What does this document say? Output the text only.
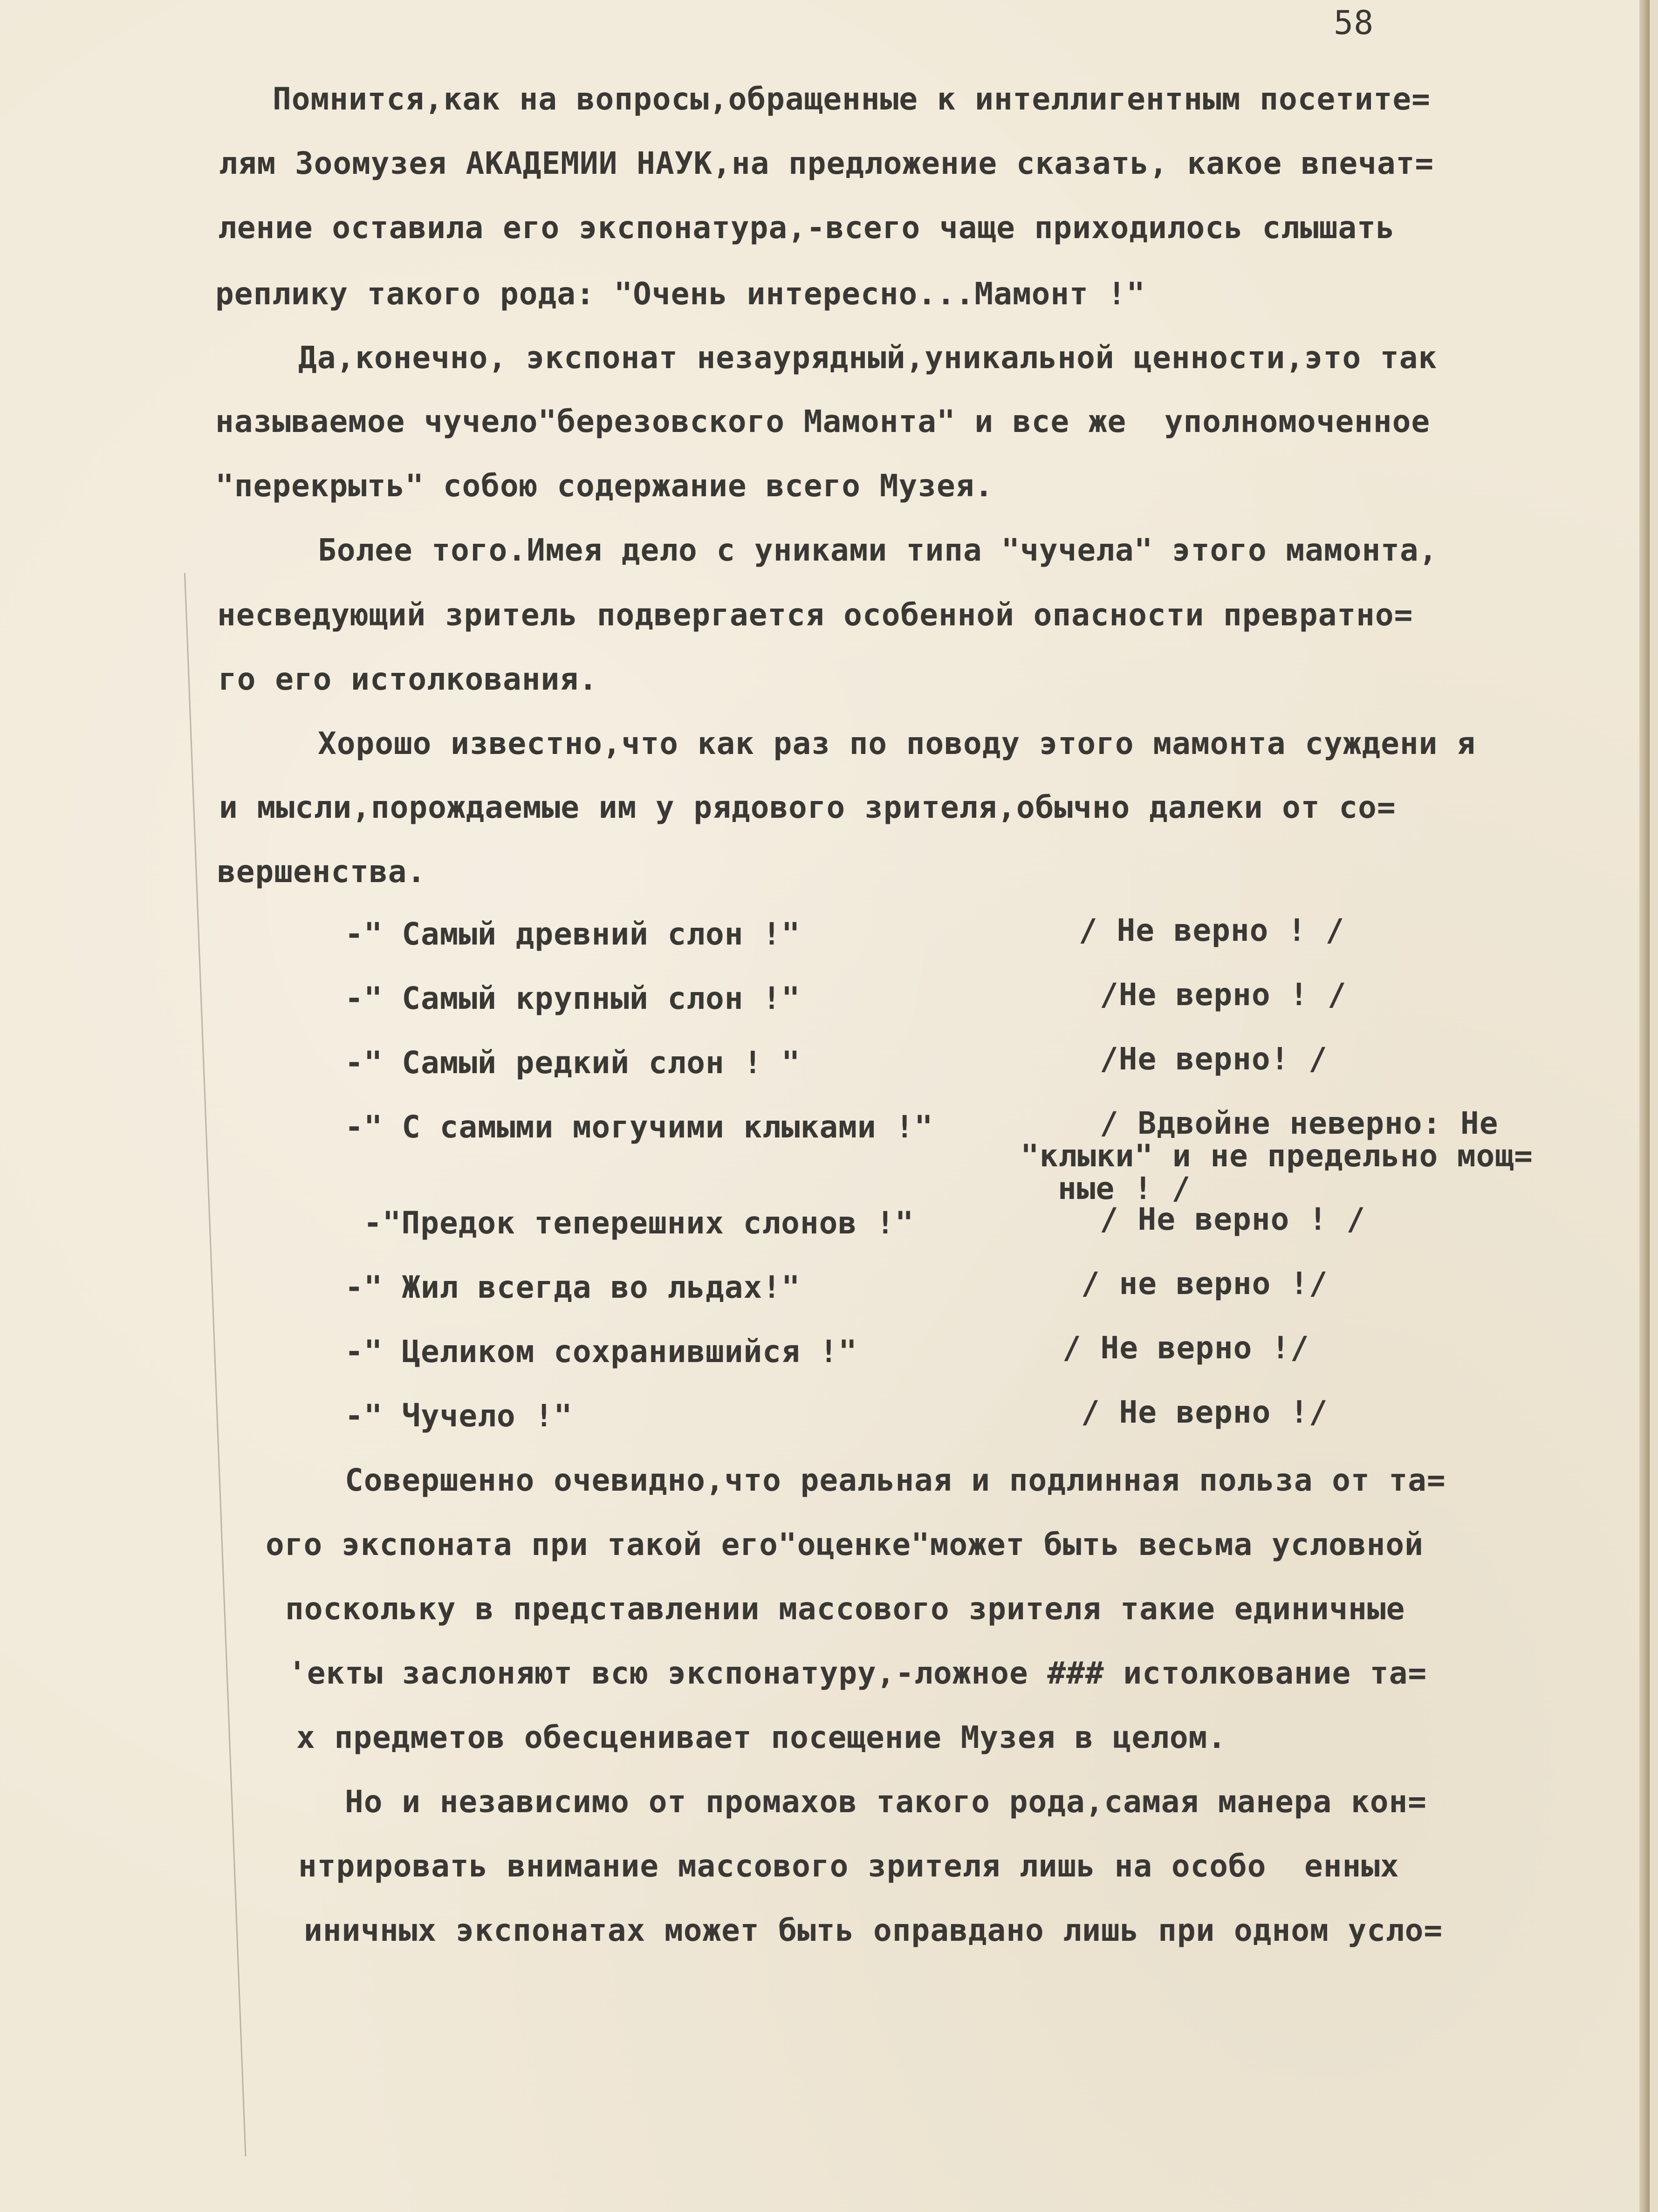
58
Помнится,как на вопросы,обращенные к интеллигентным посетите=
лям Зоомузея АКАДЕМИИ НАУК,на предложение сказать, какое впечат=
ление оставила его экспонатура,-всего чаще приходилось слышать
реплику такого рода: "Очень интересно...Мамонт !"
Да,конечно, экспонат незаурядный,уникальной ценности,это так
называемое чучело"березовского Мамонта" и все же  уполномоченное
"перекрыть" собою содержание всего Музея.
Более того.Имея дело с униками типа "чучела" этого мамонта,
несведующий зритель подвергается особенной опасности превратно=
го его истолкования.
Хорошо известно,что как раз по поводу этого мамонта суждени я
и мысли,порождаемые им у рядового зрителя,обычно далеки от со=
вершенства.
-" Самый древний слон !"	/ Не верно ! /
-" Самый крупный слон !"	/Не верно ! /
-" Самый редкий слон ! "	/Не верно! /
-" С самыми могучими клыками !"	/ Вдвойне неверно: Не
"клыки" и не предельно мощ=
ные ! /
-"Предок теперешних слонов !"	/ Не верно ! /
-" Жил всегда во льдах!"	/ не верно !/
-" Целиком сохранившийся !"	/ Не верно !/
-" Чучело !"	/ Не верно !/
Совершенно очевидно,что реальная и подлинная польза от та=
ого экспоната при такой его"оценке"может быть весьма условной
поскольку в представлении массового зрителя такие единичные
'екты заслоняют всю экспонатуру,-ложное ### истолкование та=
х предметов обесценивает посещение Музея в целом.
Но и независимо от промахов такого рода,самая манера кон=
нтрировать внимание массового зрителя лишь на особо  енных
иничных экспонатах может быть оправдано лишь при одном усло=
